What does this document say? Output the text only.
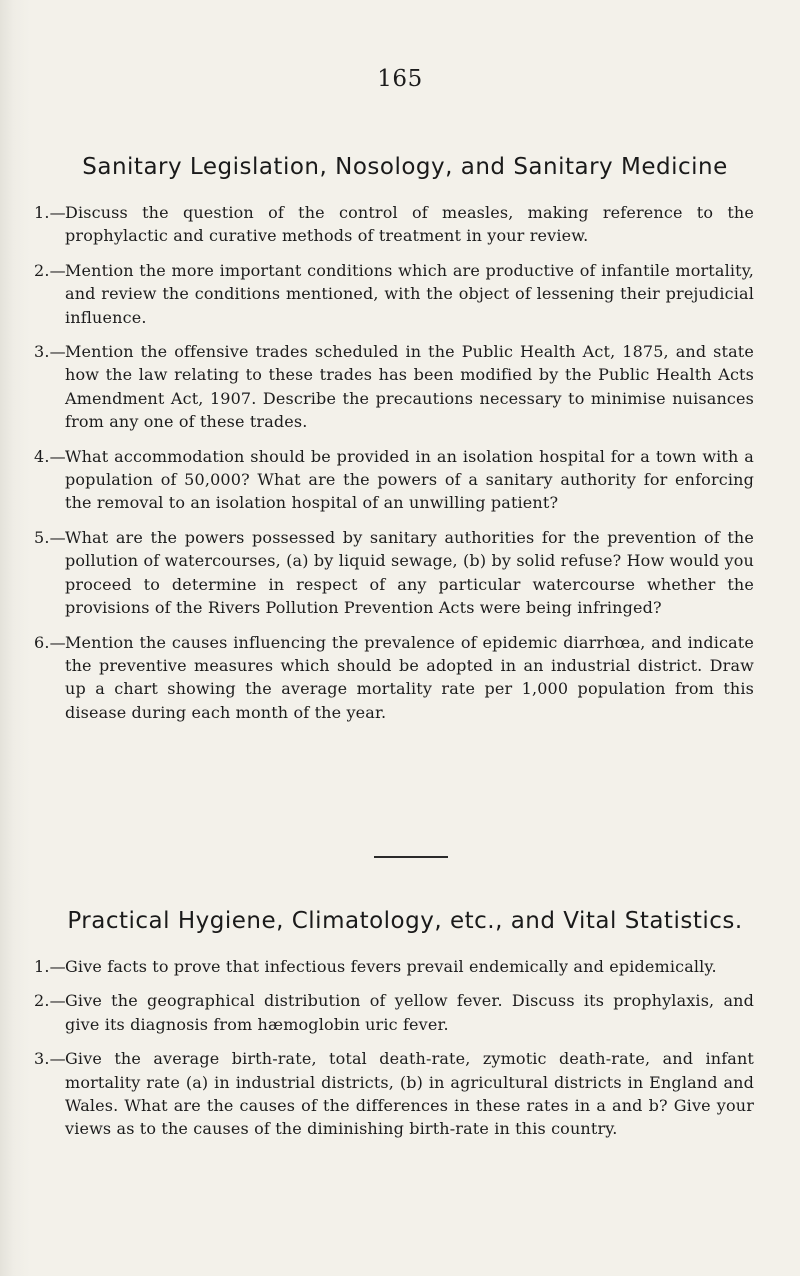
165
Sanitary Legislation, Nosology, and Sanitary Medicine
1.— Discuss the question of the control of measles, making reference to the prophylactic and curative methods of treatment in your review.
2.— Mention the more important conditions which are productive of infantile mortality, and review the conditions mentioned, with the object of lessening their prejudicial influence.
3.— Mention the offensive trades scheduled in the Public Health Act, 1875, and state how the law relating to these trades has been modified by the Public Health Acts Amendment Act, 1907. Describe the precautions necessary to minimise nuisances from any one of these trades.
4.— What accommodation should be provided in an isolation hospital for a town with a population of 50,000? What are the powers of a sanitary authority for enforcing the removal to an isolation hospital of an unwilling patient?
5.— What are the powers possessed by sanitary authorities for the prevention of the pollution of watercourses, (a) by liquid sewage, (b) by solid refuse? How would you proceed to determine in respect of any particular watercourse whether the provisions of the Rivers Pollution Prevention Acts were being infringed?
6.— Mention the causes influencing the prevalence of epidemic diarrhœa, and indicate the preventive measures which should be adopted in an industrial district. Draw up a chart showing the average mortality rate per 1,000 population from this disease during each month of the year.
Practical Hygiene, Climatology, etc., and Vital Statistics.
1.— Give facts to prove that infectious fevers prevail endemically and epidemically.
2.— Give the geographical distribution of yellow fever. Discuss its prophylaxis, and give its diagnosis from hæmoglobin uric fever.
3.— Give the average birth-rate, total death-rate, zymotic death-rate, and infant mortality rate (a) in industrial districts, (b) in agricultural districts in England and Wales. What are the causes of the differences in these rates in a and b? Give your views as to the causes of the diminishing birth-rate in this country.
